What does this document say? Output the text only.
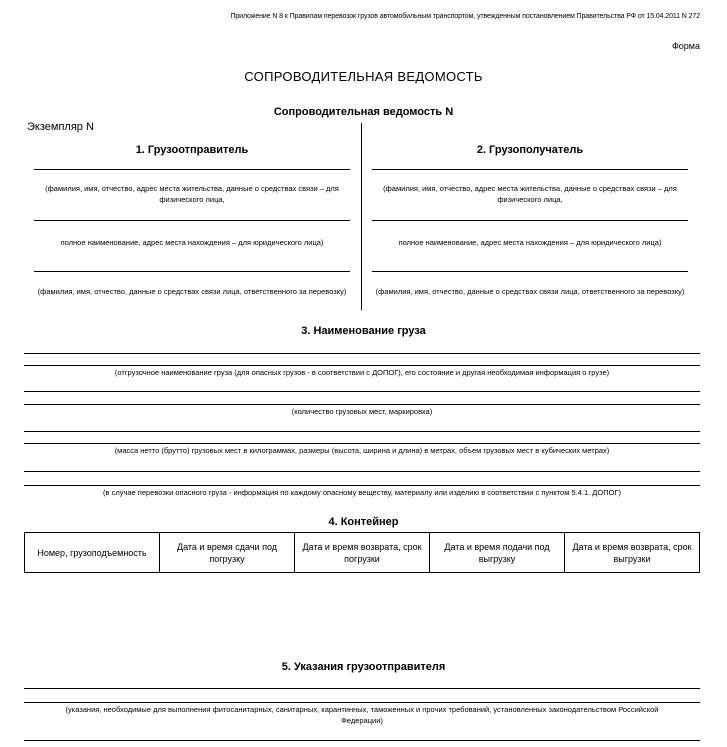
Приложение N 8 к Правилам перевозок грузов автомобильным транспортом, утвежденным постановлением Правительства РФ от 15.04.2011 N 272
Форма
СОПРОВОДИТЕЛЬНАЯ ВЕДОМОСТЬ
Сопроводительная ведомость N
Экземпляр N
1. Грузоотправитель
(фамилия, имя, отчество, адрес места жительства, данные о средствах связи – для физического лица,
полное наименование, адрес места нахождения – для юридического лица)
(фамилия, имя, отчество, данные о средствах связи лица, ответственного за перевозку)
2. Грузополучатель
(фамилия, имя, отчество, адрес места жительства, данные о средствах связи – для физического лица,
полное наименование, адрес места нахождения – для юридического лица)
(фамилия, имя, отчество, данные о средствах связи лица, ответственного за перевозку)
3. Наименование груза
(отгрузочное наименование груза (для опасных грузов - в соответствии с ДОПОГ), его состояние и другая необходимая информация о грузе)
(количество грузовых мест, маркировка)
(масса нетто (брутто) грузовых мест в килограммах, размеры (высота, ширина и длина) в метрах, объем грузовых мест в кубических метрах)
(в случае перевозки опасного груза - информация по каждому опасному веществу, материалу или изделию в соответствии с пунктом 5.4.1. ДОПОГ)
4. Контейнер
Номер, грузоподъемность	Дата и время сдачи под погрузку	Дата и время возврата, срок погрузки	Дата и время подачи под выгрузку	Дата и время возврата, срок выгрузки
5. Указания грузоотправителя
(указания, необходимые для выполнения фитосанитарных, санитарных, карантинных, таможенных и прочих требований, установленных законодательством Российской Федерации)
